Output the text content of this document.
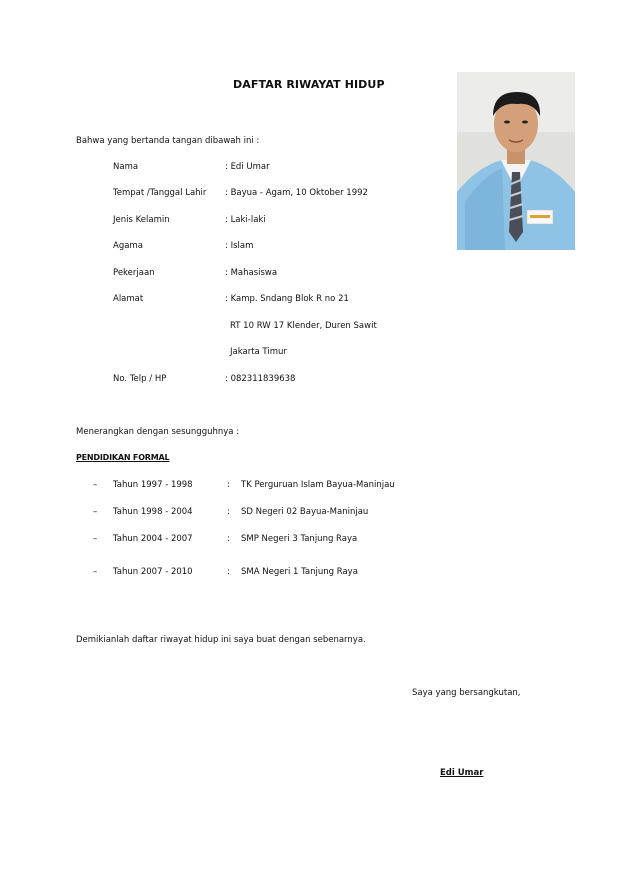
DAFTAR RIWAYAT HIDUP
Bahwa yang bertanda tangan dibawah ini :
Nama	: Edi Umar
Tempat /Tanggal Lahir : Bayua - Agam, 10 Oktober 1992
Jenis Kelamin	: Laki-laki
Agama	: Islam
Pekerjaan	: Mahasiswa
Alamat	: Kamp. Sndang Blok R no 21
RT 10 RW 17 Klender, Duren Sawit
Jakarta Timur
No. Telp / HP	: 082311839638
Menerangkan dengan sesungguhnya :
PENDIDIKAN FORMAL
– Tahun 1997 - 1998	: TK Perguruan Islam Bayua-Maninjau
– Tahun 1998 - 2004	: SD Negeri 02 Bayua-Maninjau
– Tahun 2004 - 2007	: SMP Negeri 3 Tanjung Raya
– Tahun 2007 - 2010	: SMA Negeri 1 Tanjung Raya
Demikianlah daftar riwayat hidup ini saya buat dengan sebenarnya.
Saya yang bersangkutan,
Edi Umar
